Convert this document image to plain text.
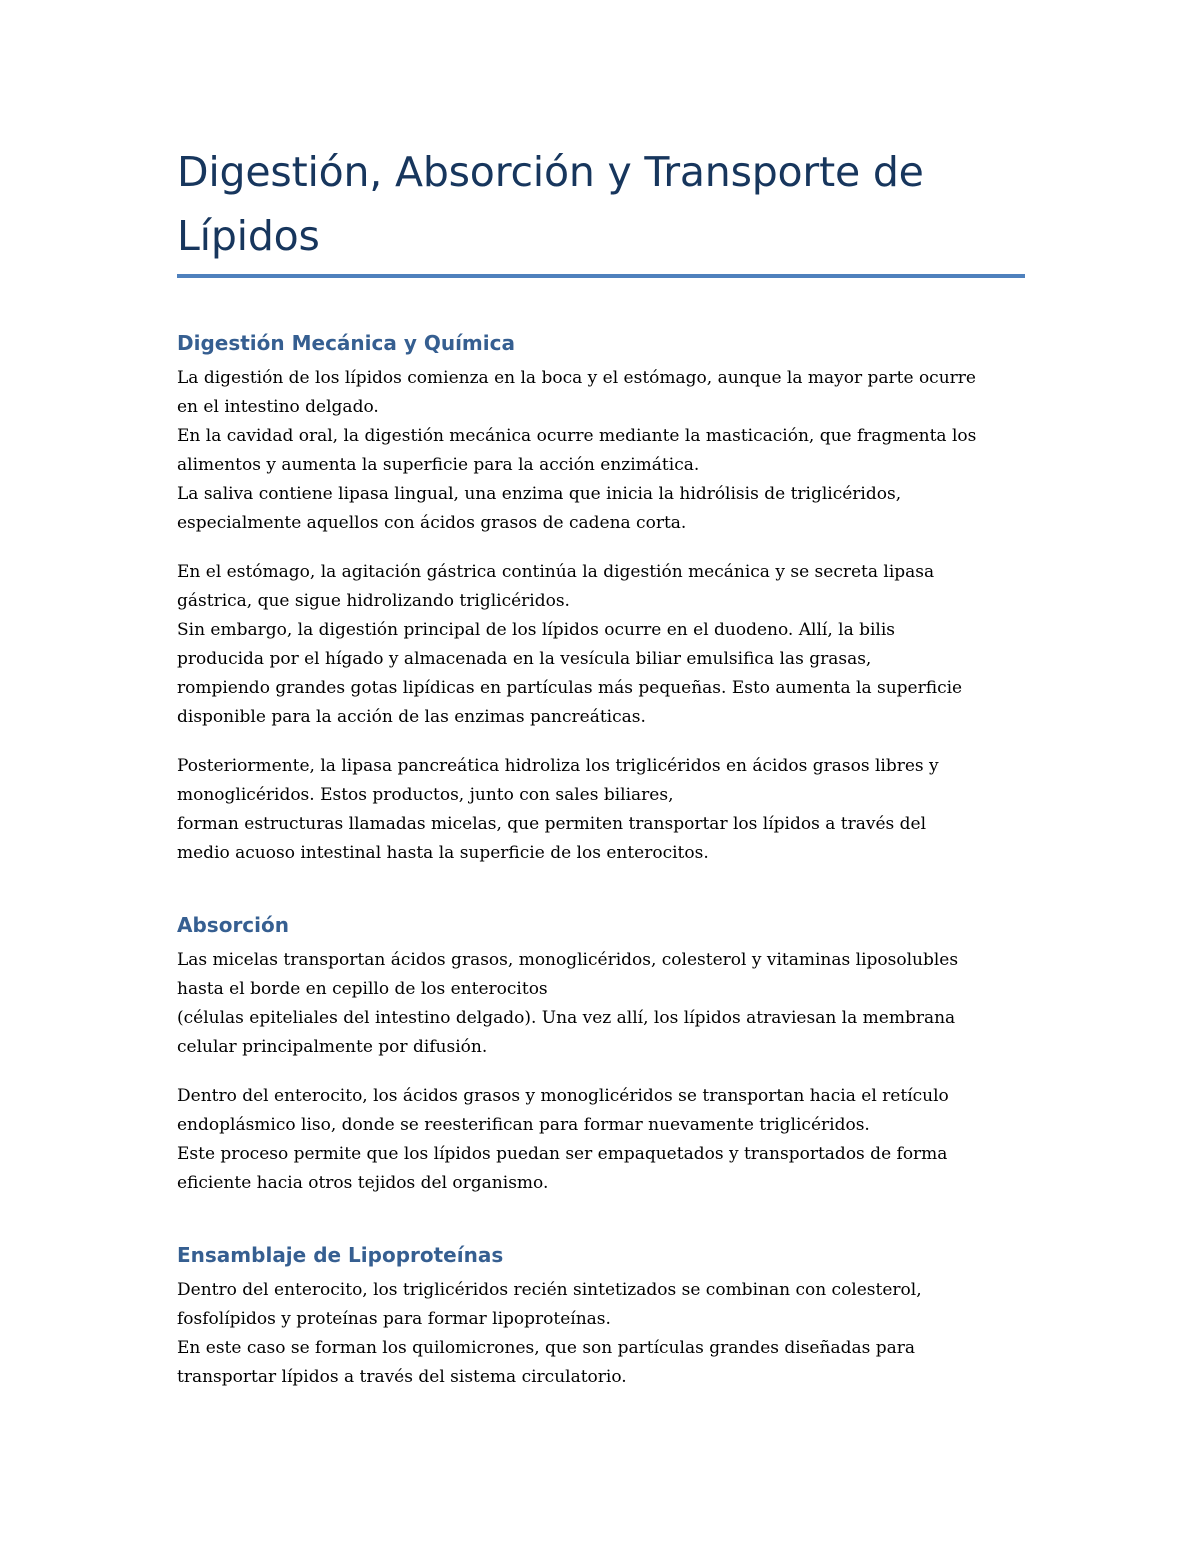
Digestión, Absorción y Transporte de
Lípidos
Digestión Mecánica y Química

La digestión de los lípidos comienza en la boca y el estómago, aunque la mayor parte ocurre
en el intestino delgado.
En la cavidad oral, la digestión mecánica ocurre mediante la masticación, que fragmenta los
alimentos y aumenta la superficie para la acción enzimática.
La saliva contiene lipasa lingual, una enzima que inicia la hidrólisis de triglicéridos,
especialmente aquellos con ácidos grasos de cadena corta.

En el estómago, la agitación gástrica continúa la digestión mecánica y se secreta lipasa
gástrica, que sigue hidrolizando triglicéridos.
Sin embargo, la digestión principal de los lípidos ocurre en el duodeno. Allí, la bilis
producida por el hígado y almacenada en la vesícula biliar emulsifica las grasas,
rompiendo grandes gotas lipídicas en partículas más pequeñas. Esto aumenta la superficie
disponible para la acción de las enzimas pancreáticas.

Posteriormente, la lipasa pancreática hidroliza los triglicéridos en ácidos grasos libres y
monoglicéridos. Estos productos, junto con sales biliares,
forman estructuras llamadas micelas, que permiten transportar los lípidos a través del
medio acuoso intestinal hasta la superficie de los enterocitos.

Absorción

Las micelas transportan ácidos grasos, monoglicéridos, colesterol y vitaminas liposolubles
hasta el borde en cepillo de los enterocitos
(células epiteliales del intestino delgado). Una vez allí, los lípidos atraviesan la membrana
celular principalmente por difusión.

Dentro del enterocito, los ácidos grasos y monoglicéridos se transportan hacia el retículo
endoplásmico liso, donde se reesterifican para formar nuevamente triglicéridos.
Este proceso permite que los lípidos puedan ser empaquetados y transportados de forma
eficiente hacia otros tejidos del organismo.

Ensamblaje de Lipoproteínas

Dentro del enterocito, los triglicéridos recién sintetizados se combinan con colesterol,
fosfolípidos y proteínas para formar lipoproteínas.
En este caso se forman los quilomicrones, que son partículas grandes diseñadas para
transportar lípidos a través del sistema circulatorio.
